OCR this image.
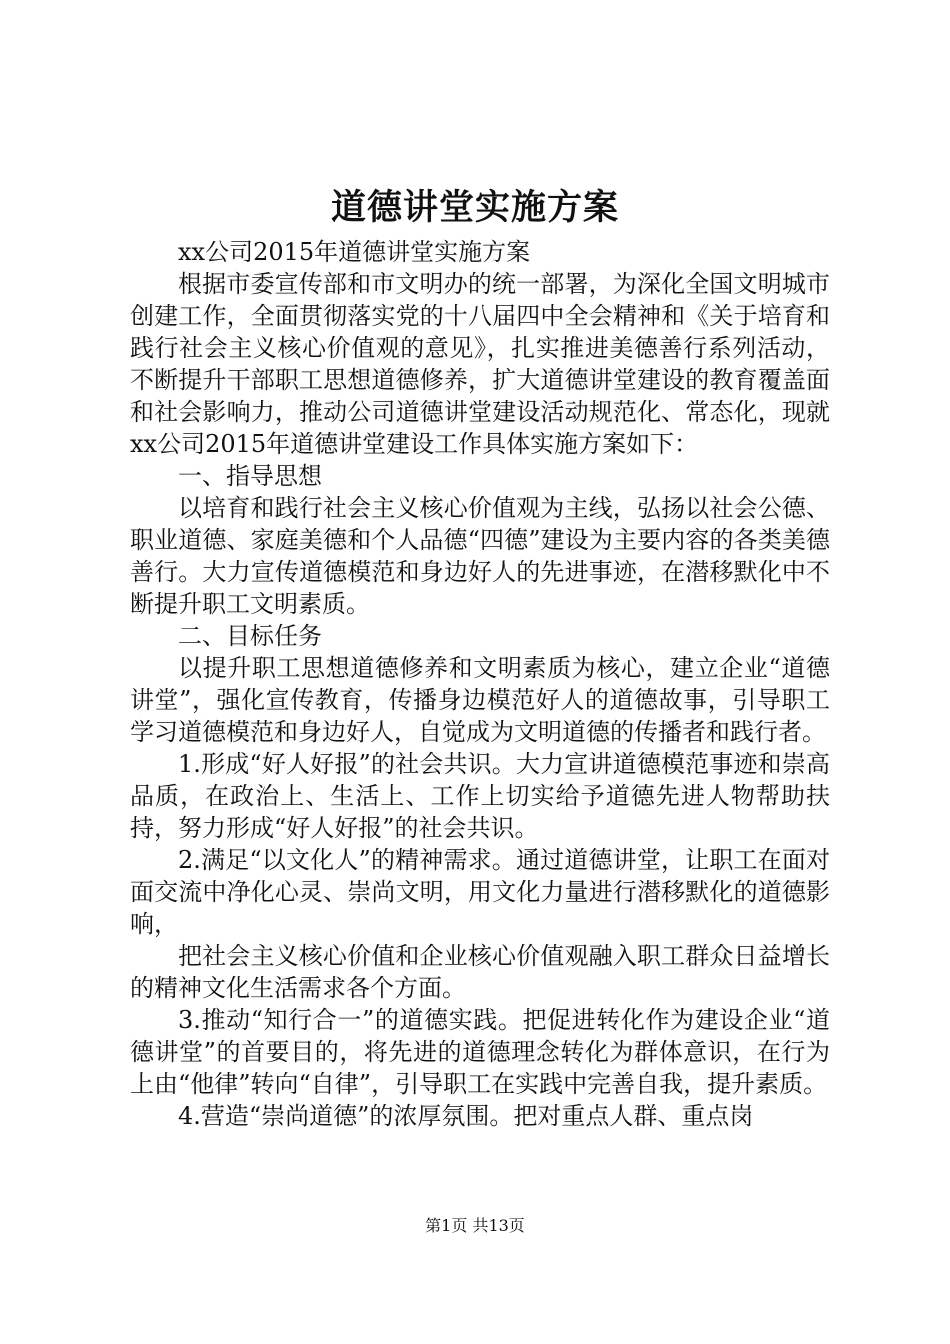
道德讲堂实施方案

xx公司2015年道德讲堂实施方案

根据市委宣传部和市文明办的统一部署，为深化全国文明城市创建工作，全面贯彻落实党的十八届四中全会精神和《关于培育和践行社会主义核心价值观的意见》，扎实推进美德善行系列活动，不断提升干部职工思想道德修养，扩大道德讲堂建设的教育覆盖面和社会影响力，推动公司道德讲堂建设活动规范化、常态化，现就xx公司2015年道德讲堂建设工作具体实施方案如下：

一、指导思想

以培育和践行社会主义核心价值观为主线，弘扬以社会公德、职业道德、家庭美德和个人品德“四德”建设为主要内容的各类美德善行。大力宣传道德模范和身边好人的先进事迹，在潜移默化中不断提升职工文明素质。

二、目标任务

以提升职工思想道德修养和文明素质为核心，建立企业“道德讲堂”，强化宣传教育，传播身边模范好人的道德故事，引导职工学习道德模范和身边好人，自觉成为文明道德的传播者和践行者。

1.形成“好人好报”的社会共识。大力宣讲道德模范事迹和崇高品质，在政治上、生活上、工作上切实给予道德先进人物帮助扶持，努力形成“好人好报”的社会共识。

2.满足“以文化人”的精神需求。通过道德讲堂，让职工在面对面交流中净化心灵、崇尚文明，用文化力量进行潜移默化的道德影响，

把社会主义核心价值和企业核心价值观融入职工群众日益增长的精神文化生活需求各个方面。

3.推动“知行合一”的道德实践。把促进转化作为建设企业“道德讲堂”的首要目的，将先进的道德理念转化为群体意识，在行为上由“他律”转向“自律”，引导职工在实践中完善自我，提升素质。

4.营造“崇尚道德”的浓厚氛围。把对重点人群、重点岗

第1页 共13页
